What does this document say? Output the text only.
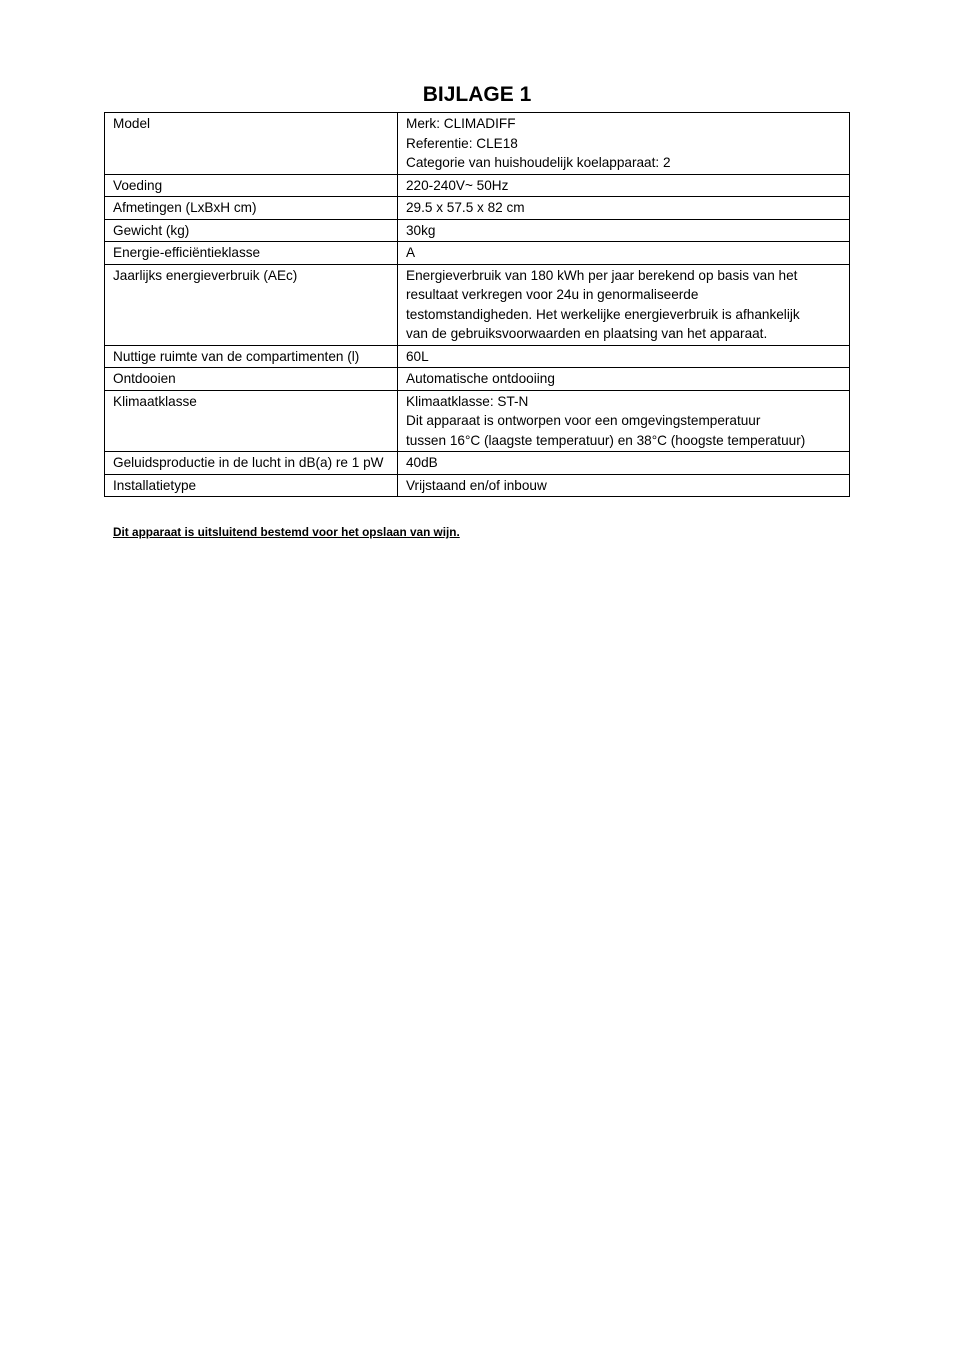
BIJLAGE 1
Model	Merk: CLIMADIFF
Referentie: CLE18
Categorie van huishoudelijk koelapparaat: 2

Voeding	220-240V~ 50Hz

Afmetingen (LxBxH cm)	29.5 x 57.5 x 82 cm

Gewicht (kg)	30kg

Energie-efficiëntieklasse	A

Jaarlijks energieverbruik (AEc)	Energieverbruik van 180 kWh per jaar berekend op basis van het
resultaat verkregen voor 24u in genormaliseerde
testomstandigheden. Het werkelijke energieverbruik is afhankelijk
van de gebruiksvoorwaarden en plaatsing van het apparaat.

Nuttige ruimte van de compartimenten (l)	60L

Ontdooien	Automatische ontdooiing

Klimaatklasse	Klimaatklasse: ST-N
Dit apparaat is ontworpen voor een omgevingstemperatuur
tussen 16°C (laagste temperatuur) en 38°C (hoogste temperatuur)

Geluidsproductie in de lucht in dB(a) re 1 pW	40dB

Installatietype	Vrijstaand en/of inbouw
Dit apparaat is uitsluitend bestemd voor het opslaan van wijn.
